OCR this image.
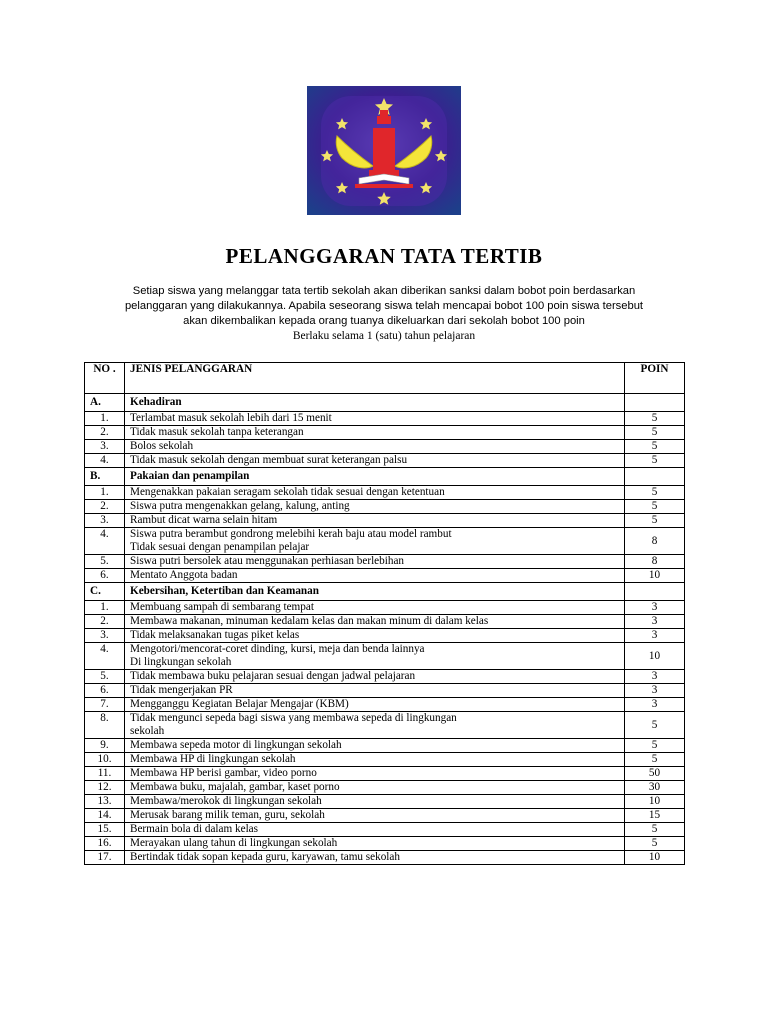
PELANGGARAN TATA TERTIB
Setiap siswa yang melanggar tata tertib sekolah akan diberikan sanksi dalam bobot poin berdasarkan
pelanggaran yang dilakukannya. Apabila seseorang siswa telah mencapai bobot 100 poin siswa tersebut
akan dikembalikan kepada orang tuanya dikeluarkan dari sekolah bobot 100 poin
Berlaku selama 1 (satu) tahun pelajaran
NO .	JENIS PELANGGARAN	POIN
A.	Kehadiran	
1.	Terlambat masuk sekolah lebih dari 15 menit	5
2.	Tidak masuk sekolah tanpa keterangan	5
3.	Bolos sekolah	5
4.	Tidak masuk sekolah dengan membuat surat keterangan palsu	5
B.	Pakaian dan penampilan	
1.	Mengenakkan pakaian seragam sekolah tidak sesuai dengan ketentuan	5
2.	Siswa putra mengenakkan gelang, kalung, anting	5
3.	Rambut dicat warna selain hitam	5
4.	Siswa putra berambut gondrong melebihi kerah baju atau model rambut
Tidak sesuai dengan penampilan pelajar	8
5.	Siswa putri bersolek atau menggunakan perhiasan berlebihan	8
6.	Mentato Anggota badan	10
C.	Kebersihan, Ketertiban dan Keamanan	
1.	Membuang sampah di sembarang tempat	3
2.	Membawa makanan, minuman kedalam kelas dan makan minum di dalam kelas	3
3.	Tidak melaksanakan tugas piket kelas	3
4.	Mengotori/mencorat-coret dinding, kursi, meja dan benda lainnya
Di lingkungan sekolah	10
5.	Tidak membawa buku pelajaran sesuai dengan jadwal pelajaran	3
6.	Tidak mengerjakan PR	3
7.	Mengganggu Kegiatan Belajar Mengajar (KBM)	3
8.	Tidak mengunci sepeda bagi siswa yang membawa sepeda di lingkungan
sekolah	5
9.	Membawa sepeda motor di lingkungan sekolah	5
10.	Membawa HP di lingkungan sekolah	5
11.	Membawa HP berisi gambar, video porno	50
12.	Membawa buku, majalah, gambar, kaset porno	30
13.	Membawa/merokok di lingkungan sekolah	10
14.	Merusak barang milik teman, guru, sekolah	15
15.	Bermain bola di dalam kelas	5
16.	Merayakan ulang tahun di lingkungan sekolah	5
17.	Bertindak tidak sopan kepada guru, karyawan, tamu sekolah	10
